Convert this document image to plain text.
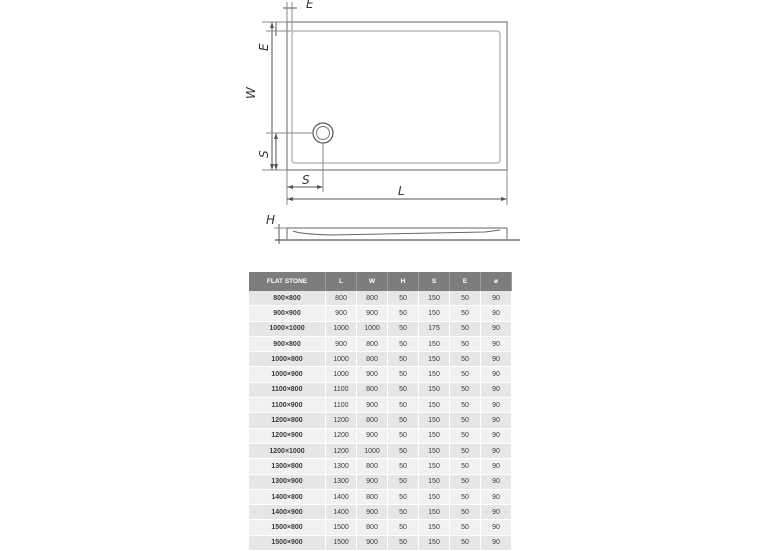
E
E
W
S
S
L
H
FLAT STONE	L	W	H	S	E	ø
800×800	800	800	50	150	50	90
900×900	900	900	50	150	50	90
1000×1000	1000	1000	50	175	50	90
900×800	900	800	50	150	50	90
1000×800	1000	800	50	150	50	90
1000×900	1000	900	50	150	50	90
1100×800	1100	800	50	150	50	90
1100×900	1100	900	50	150	50	90
1200×800	1200	800	50	150	50	90
1200×900	1200	900	50	150	50	90
1200×1000	1200	1000	50	150	50	90
1300×800	1300	800	50	150	50	90
1300×900	1300	900	50	150	50	90
1400×800	1400	800	50	150	50	90
1400×900	1400	900	50	150	50	90
1500×800	1500	800	50	150	50	90
1500×900	1500	900	50	150	50	90
